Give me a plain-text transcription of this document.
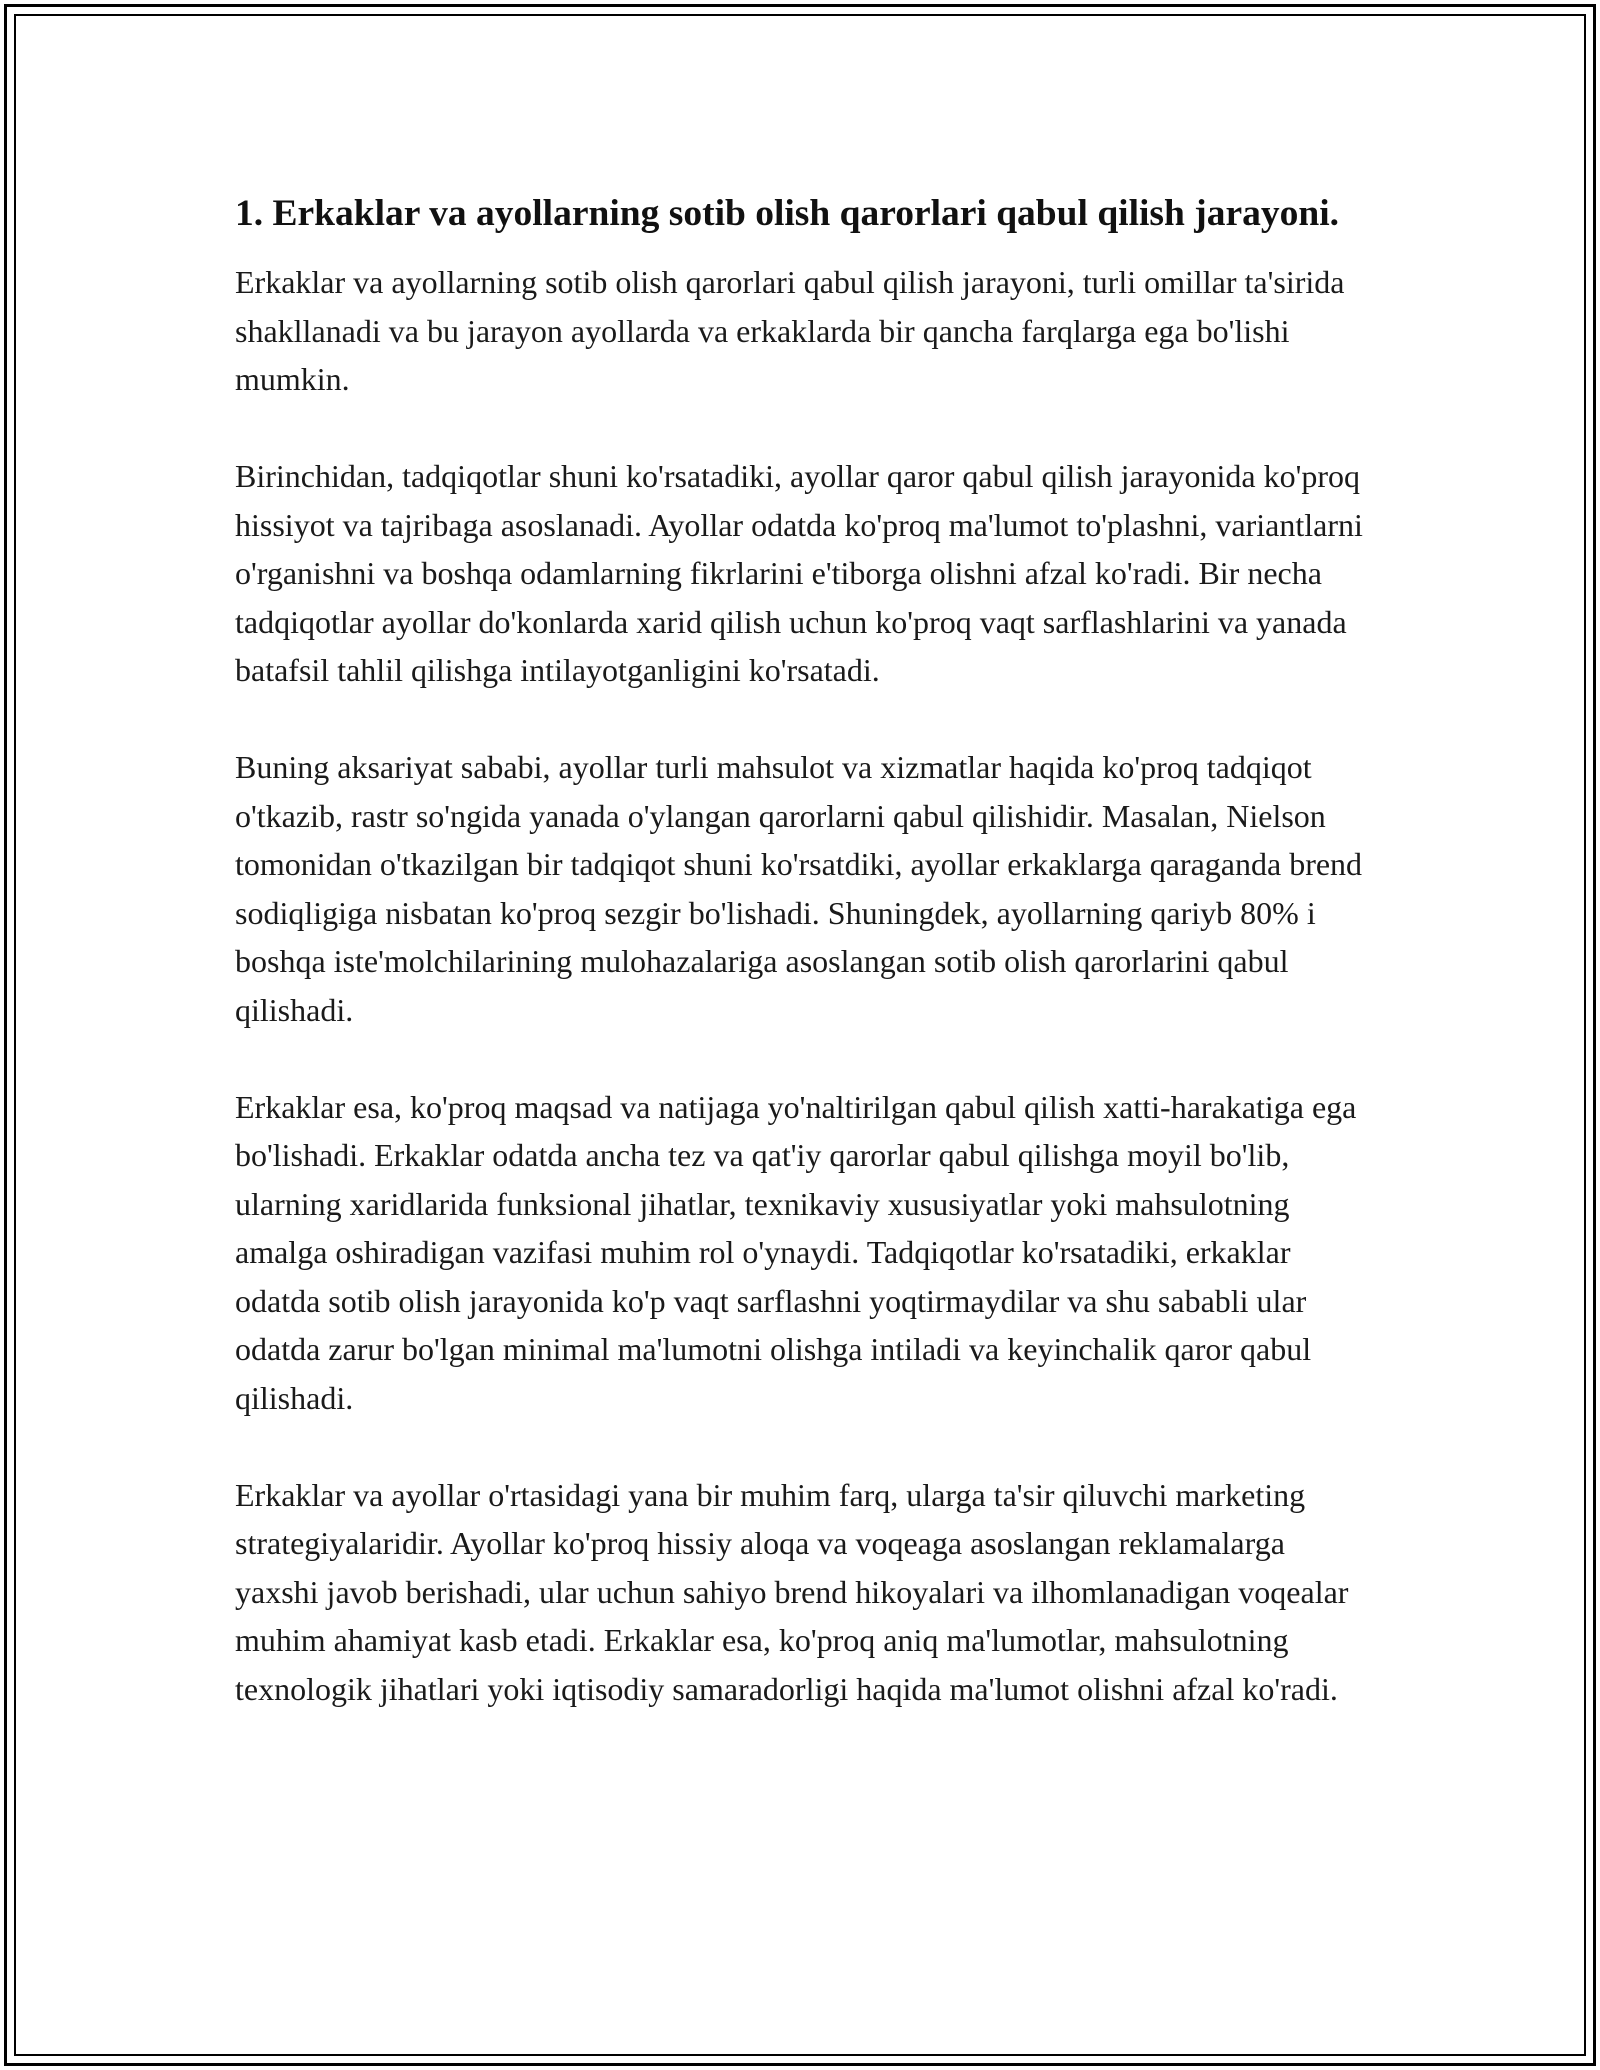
1. Erkaklar va ayollarning sotib olish qarorlari qabul qilish jarayoni.

Erkaklar va ayollarning sotib olish qarorlari qabul qilish jarayoni, turli omillar ta'sirida shakllanadi va bu jarayon ayollarda va erkaklarda bir qancha farqlarga ega bo'lishi mumkin.

Birinchidan, tadqiqotlar shuni ko'rsatadiki, ayollar qaror qabul qilish jarayonida ko'proq hissiyot va tajribaga asoslanadi. Ayollar odatda ko'proq ma'lumot to'plashni, variantlarni o'rganishni va boshqa odamlarning fikrlarini e'tiborga olishni afzal ko'radi. Bir necha tadqiqotlar ayollar do'konlarda xarid qilish uchun ko'proq vaqt sarflashlarini va yanada batafsil tahlil qilishga intilayotganligini ko'rsatadi.

Buning aksariyat sababi, ayollar turli mahsulot va xizmatlar haqida ko'proq tadqiqot o'tkazib, rastr so'ngida yanada o'ylangan qarorlarni qabul qilishidir. Masalan, Nielson tomonidan o'tkazilgan bir tadqiqot shuni ko'rsatdiki, ayollar erkaklarga qaraganda brend sodiqligiga nisbatan ko'proq sezgir bo'lishadi. Shuningdek, ayollarning qariyb 80% i boshqa iste'molchilarining mulohazalariga asoslangan sotib olish qarorlarini qabul qilishadi.

Erkaklar esa, ko'proq maqsad va natijaga yo'naltirilgan qabul qilish xatti-harakatiga ega bo'lishadi. Erkaklar odatda ancha tez va qat'iy qarorlar qabul qilishga moyil bo'lib, ularning xaridlarida funksional jihatlar, texnikaviy xususiyatlar yoki mahsulotning amalga oshiradigan vazifasi muhim rol o'ynaydi. Tadqiqotlar ko'rsatadiki, erkaklar odatda sotib olish jarayonida ko'p vaqt sarflashni yoqtirmaydilar va shu sababli ular odatda zarur bo'lgan minimal ma'lumotni olishga intiladi va keyinchalik qaror qabul qilishadi.

Erkaklar va ayollar o'rtasidagi yana bir muhim farq, ularga ta'sir qiluvchi marketing strategiyalaridir. Ayollar ko'proq hissiy aloqa va voqeaga asoslangan reklamalarga yaxshi javob berishadi, ular uchun sahiyo brend hikoyalari va ilhomlanadigan voqealar muhim ahamiyat kasb etadi. Erkaklar esa, ko'proq aniq ma'lumotlar, mahsulotning texnologik jihatlari yoki iqtisodiy samaradorligi haqida ma'lumot olishni afzal ko'radi.
